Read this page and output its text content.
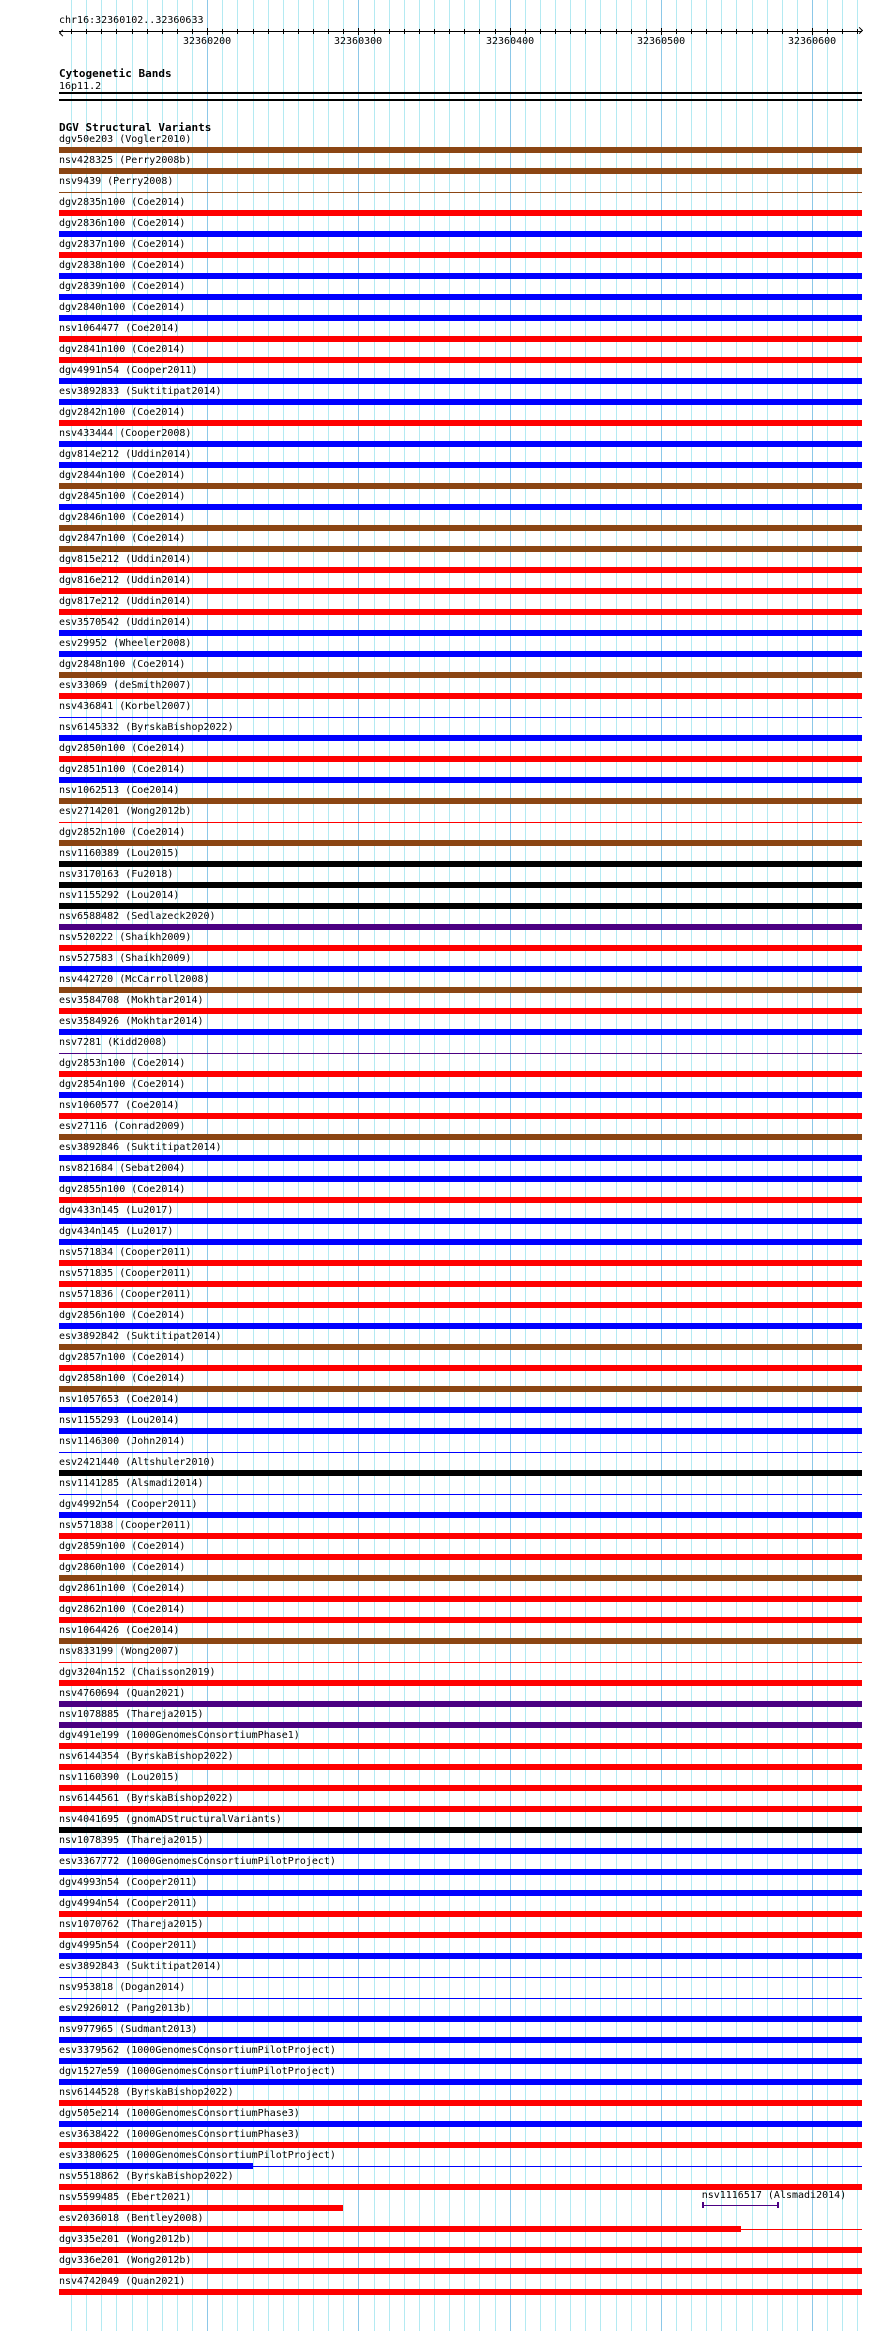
chr16:32360102..32360633
32360200	32360300	32360400	32360500	32360600
Cytogenetic Bands
16p11.2
DGV Structural Variants
dgv50e203 (Vogler2010)
nsv428325 (Perry2008b)
nsv9439 (Perry2008)
dgv2835n100 (Coe2014)
dgv2836n100 (Coe2014)
dgv2837n100 (Coe2014)
dgv2838n100 (Coe2014)
dgv2839n100 (Coe2014)
dgv2840n100 (Coe2014)
nsv1064477 (Coe2014)
dgv2841n100 (Coe2014)
dgv4991n54 (Cooper2011)
esv3892833 (Suktitipat2014)
dgv2842n100 (Coe2014)
nsv433444 (Cooper2008)
dgv814e212 (Uddin2014)
dgv2844n100 (Coe2014)
dgv2845n100 (Coe2014)
dgv2846n100 (Coe2014)
dgv2847n100 (Coe2014)
dgv815e212 (Uddin2014)
dgv816e212 (Uddin2014)
dgv817e212 (Uddin2014)
esv3570542 (Uddin2014)
esv29952 (Wheeler2008)
dgv2848n100 (Coe2014)
esv33069 (deSmith2007)
nsv436841 (Korbel2007)
nsv6145332 (ByrskaBishop2022)
dgv2850n100 (Coe2014)
dgv2851n100 (Coe2014)
nsv1062513 (Coe2014)
esv2714201 (Wong2012b)
dgv2852n100 (Coe2014)
nsv1160389 (Lou2015)
nsv3170163 (Fu2018)
nsv1155292 (Lou2014)
nsv6588482 (Sedlazeck2020)
nsv520222 (Shaikh2009)
nsv527583 (Shaikh2009)
nsv442720 (McCarroll2008)
esv3584708 (Mokhtar2014)
esv3584926 (Mokhtar2014)
nsv7281 (Kidd2008)
dgv2853n100 (Coe2014)
dgv2854n100 (Coe2014)
nsv1060577 (Coe2014)
esv27116 (Conrad2009)
esv3892846 (Suktitipat2014)
nsv821684 (Sebat2004)
dgv2855n100 (Coe2014)
dgv433n145 (Lu2017)
dgv434n145 (Lu2017)
nsv571834 (Cooper2011)
nsv571835 (Cooper2011)
nsv571836 (Cooper2011)
dgv2856n100 (Coe2014)
esv3892842 (Suktitipat2014)
dgv2857n100 (Coe2014)
dgv2858n100 (Coe2014)
nsv1057653 (Coe2014)
nsv1155293 (Lou2014)
nsv1146300 (John2014)
esv2421440 (Altshuler2010)
nsv1141285 (Alsmadi2014)
dgv4992n54 (Cooper2011)
nsv571838 (Cooper2011)
dgv2859n100 (Coe2014)
dgv2860n100 (Coe2014)
dgv2861n100 (Coe2014)
dgv2862n100 (Coe2014)
nsv1064426 (Coe2014)
nsv833199 (Wong2007)
dgv3204n152 (Chaisson2019)
nsv4760694 (Quan2021)
nsv1078885 (Thareja2015)
dgv491e199 (1000GenomesConsortiumPhase1)
nsv6144354 (ByrskaBishop2022)
nsv1160390 (Lou2015)
nsv6144561 (ByrskaBishop2022)
nsv4041695 (gnomADStructuralVariants)
nsv1078395 (Thareja2015)
esv3367772 (1000GenomesConsortiumPilotProject)
dgv4993n54 (Cooper2011)
dgv4994n54 (Cooper2011)
nsv1070762 (Thareja2015)
dgv4995n54 (Cooper2011)
esv3892843 (Suktitipat2014)
nsv953818 (Dogan2014)
esv2926012 (Pang2013b)
nsv977965 (Sudmant2013)
esv3379562 (1000GenomesConsortiumPilotProject)
dgv1527e59 (1000GenomesConsortiumPilotProject)
nsv6144528 (ByrskaBishop2022)
dgv505e214 (1000GenomesConsortiumPhase3)
esv3638422 (1000GenomesConsortiumPhase3)
esv3380625 (1000GenomesConsortiumPilotProject)
nsv5518862 (ByrskaBishop2022)
nsv5599485 (Ebert2021)	nsv1116517 (Alsmadi2014)
esv2036018 (Bentley2008)
dgv335e201 (Wong2012b)
dgv336e201 (Wong2012b)
nsv4742049 (Quan2021)
